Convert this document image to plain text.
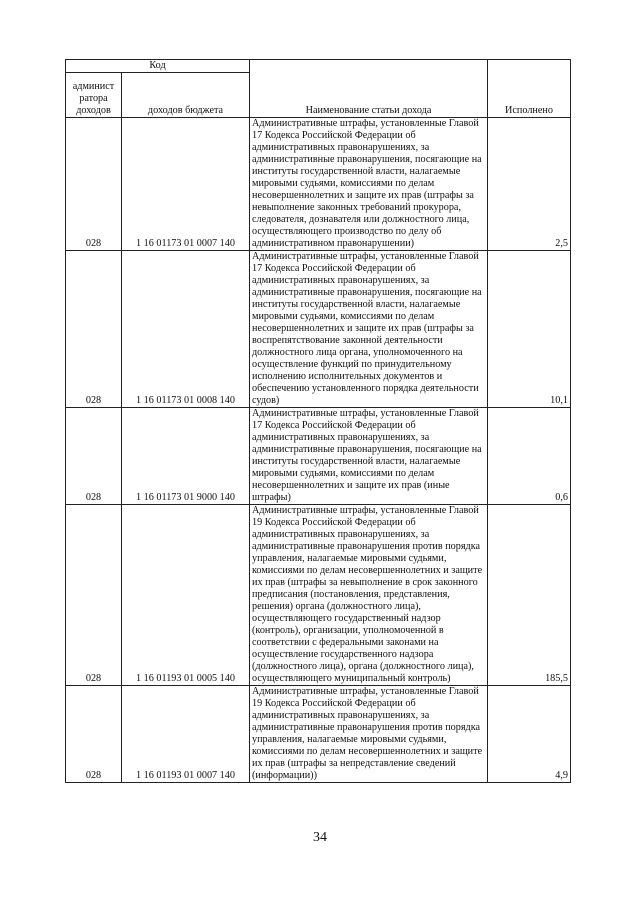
Код		Наименование статьи дохода	Исполнено
админист ратора доходов	доходов бюджета		
028	1 16 01173 01 0007 140	Административные штрафы, установленные Главой 17 Кодекса Российской Федерации об административных правонарушениях, за административные правонарушения, посягающие на институты государственной власти, налагаемые мировыми судьями, комиссиями по делам несовершеннолетних и защите их прав (штрафы за невыполнение законных требований прокурора, следователя, дознавателя или должностного лица, осуществляющего производство по делу об административном правонарушении)	2,5
028	1 16 01173 01 0008 140	Административные штрафы, установленные Главой 17 Кодекса Российской Федерации об административных правонарушениях, за административные правонарушения, посягающие на институты государственной власти, налагаемые мировыми судьями, комиссиями по делам несовершеннолетних и защите их прав (штрафы за воспрепятствование законной деятельности должностного лица органа, уполномоченного на осуществление функций по принудительному исполнению исполнительных документов и обеспечению установленного порядка деятельности судов)	10,1
028	1 16 01173 01 9000 140	Административные штрафы, установленные Главой 17 Кодекса Российской Федерации об административных правонарушениях, за административные правонарушения, посягающие на институты государственной власти, налагаемые мировыми судьями, комиссиями по делам несовершеннолетних и защите их прав (иные штрафы)	0,6
028	1 16 01193 01 0005 140	Административные штрафы, установленные Главой 19 Кодекса Российской Федерации об административных правонарушениях, за административные правонарушения против порядка управления, налагаемые мировыми судьями, комиссиями по делам несовершеннолетних и защите их прав (штрафы за невыполнение в срок законного предписания (постановления, представления, решения) органа (должностного лица), осуществляющего государственный надзор (контроль), организации, уполномоченной в соответствии с федеральными законами на осуществление государственного надзора (должностного лица), органа (должностного лица), осуществляющего муниципальный контроль)	185,5
028	1 16 01193 01 0007 140	Административные штрафы, установленные Главой 19 Кодекса Российской Федерации об административных правонарушениях, за административные правонарушения против порядка управления, налагаемые мировыми судьями, комиссиями по делам несовершеннолетних и защите их прав (штрафы за непредставление сведений (информации))	4,9
34
